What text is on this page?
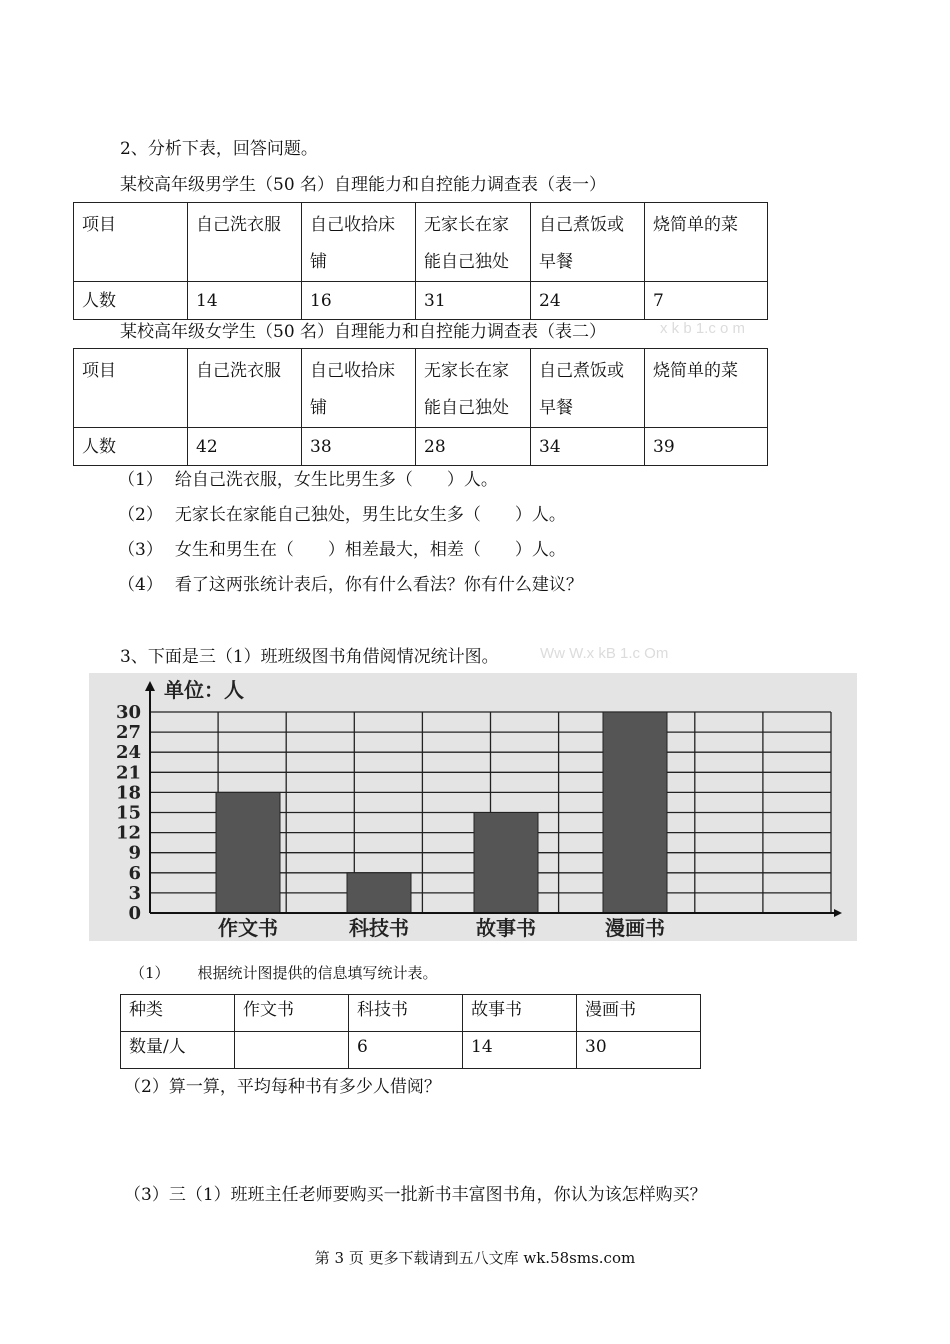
2、分析下表，回答问题。
某校高年级男学生（50 名）自理能力和自控能力调查表（表一）
项目	自己洗衣服	自己收拾床铺	无家长在家能自己独处	自己煮饭或早餐	烧简单的菜
人数	14	16	31	24	7
某校高年级女学生（50 名）自理能力和自控能力调查表（表二）	x k b 1.c o m
项目	自己洗衣服	自己收拾床铺	无家长在家能自己独处	自己煮饭或早餐	烧简单的菜
人数	42	38	28	34	39
（1） 给自己洗衣服，女生比男生多（　　）人。
（2） 无家长在家能自己独处，男生比女生多（　　）人。
（3） 女生和男生在（　　）相差最大，相差（　　）人。
（4） 看了这两张统计表后，你有什么看法？你有什么建议？
3、下面是三（1）班班级图书角借阅情况统计图。	Ww W.x kB 1.c Om
0
3
6
9
12
15
18
21
24
27
30
作文书	科技书	故事书	漫画书
单位：人
（1） 根据统计图提供的信息填写统计表。
种类	作文书	科技书	故事书	漫画书
数量/人		6	14	30
（2）算一算，平均每种书有多少人借阅？
（3）三（1）班班主任老师要购买一批新书丰富图书角，你认为该怎样购买？
第 3 页 更多下载请到五八文库 wk.58sms.com
